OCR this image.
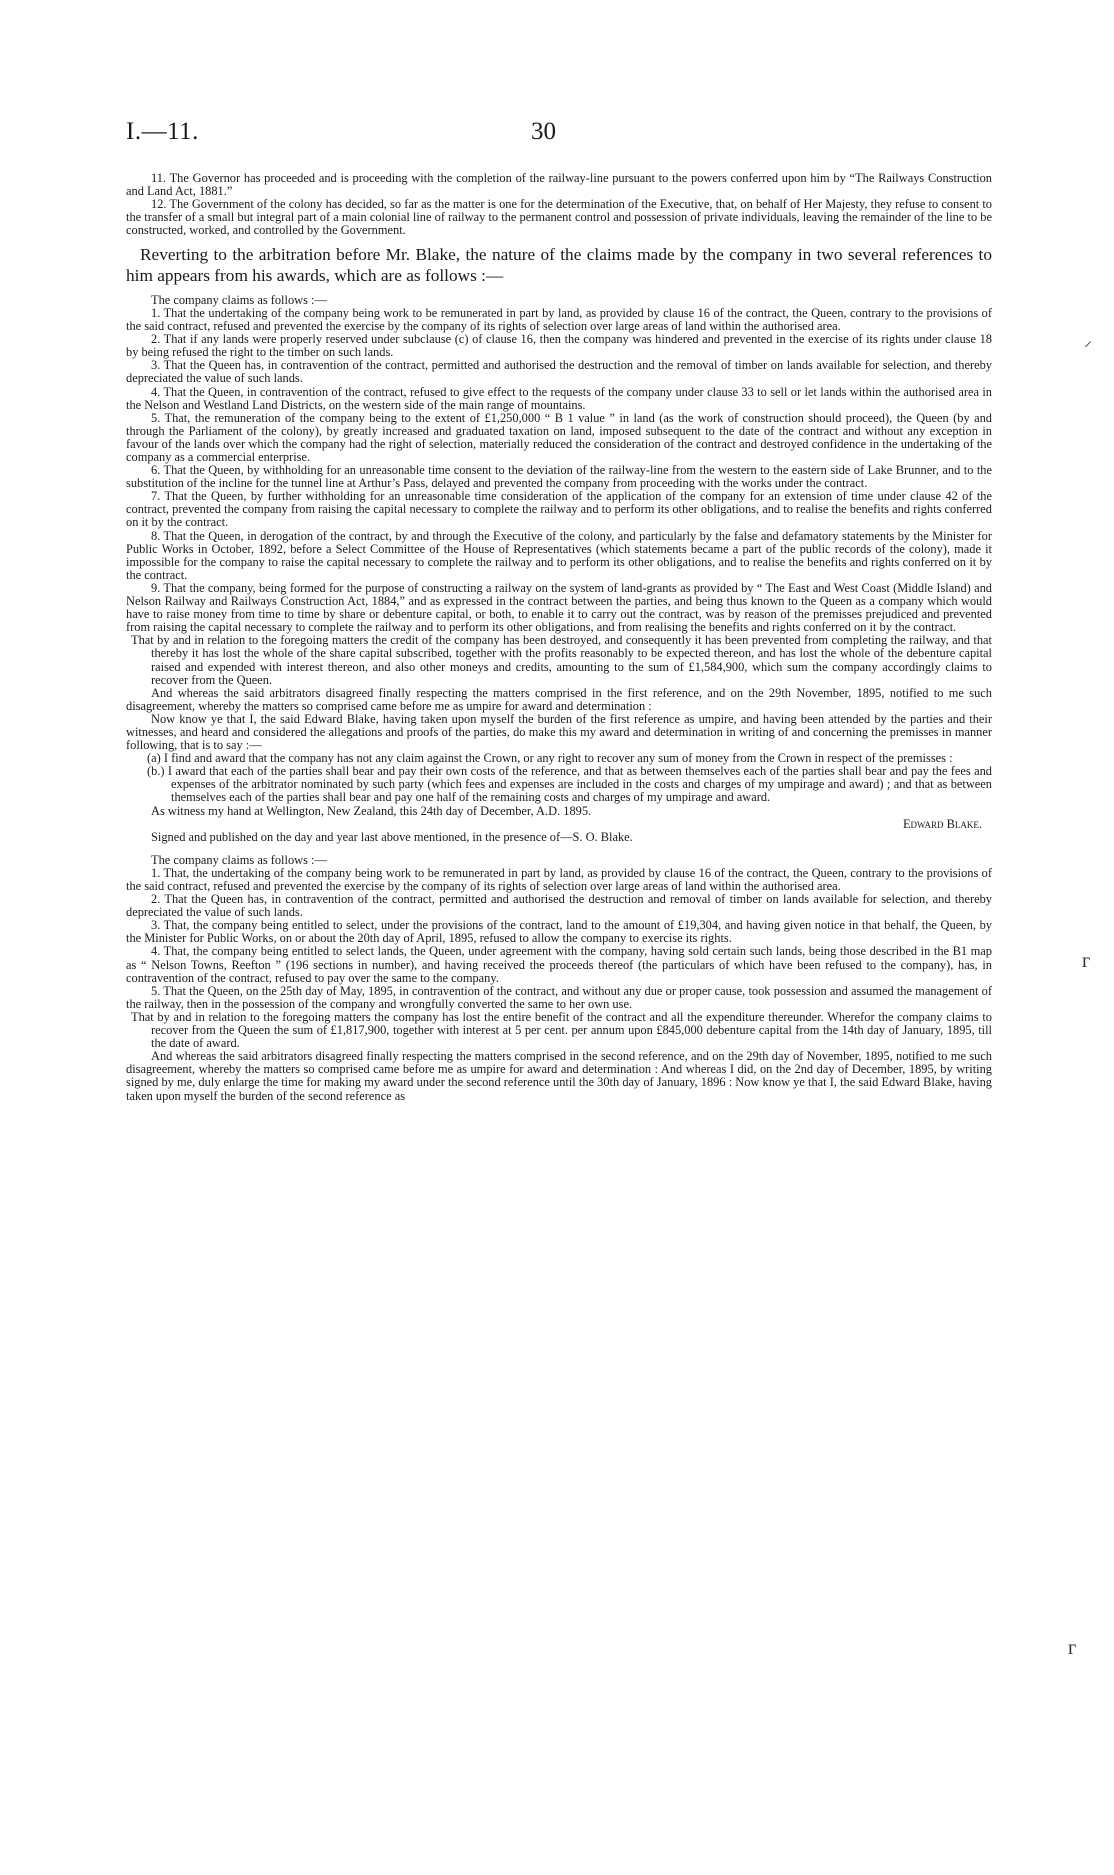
I.—11.	30

11. The Governor has proceeded and is proceeding with the completion of the railway-line pursuant to the powers conferred upon him by “The Railways Construction and Land Act, 1881.”

12. The Government of the colony has decided, so far as the matter is one for the determination of the Executive, that, on behalf of Her Majesty, they refuse to consent to the transfer of a small but integral part of a main colonial line of railway to the permanent control and possession of private individuals, leaving the remainder of the line to be constructed, worked, and controlled by the Government.

Reverting to the arbitration before Mr. Blake, the nature of the claims made by the company in two several references to him appears from his awards, which are as follows :—

The company claims as follows :—

1. That the undertaking of the company being work to be remunerated in part by land, as provided by clause 16 of the contract, the Queen, contrary to the provisions of the said contract, refused and prevented the exercise by the company of its rights of selection over large areas of land within the authorised area.

2. That if any lands were properly reserved under subclause (c) of clause 16, then the company was hindered and prevented in the exercise of its rights under clause 18 by being refused the right to the timber on such lands.

3. That the Queen has, in contravention of the contract, permitted and authorised the destruction and the removal of timber on lands available for selection, and thereby depreciated the value of such lands.

4. That the Queen, in contravention of the contract, refused to give effect to the requests of the company under clause 33 to sell or let lands within the authorised area in the Nelson and Westland Land Districts, on the western side of the main range of mountains.

5. That, the remuneration of the company being to the extent of £1,250,000 “ B 1 value ” in land (as the work of construction should proceed), the Queen (by and through the Parliament of the colony), by greatly increased and graduated taxation on land, imposed subsequent to the date of the contract and without any exception in favour of the lands over which the company had the right of selection, materially reduced the consideration of the contract and destroyed confidence in the undertaking of the company as a commercial enterprise.

6. That the Queen, by withholding for an unreasonable time consent to the deviation of the railway-line from the western to the eastern side of Lake Brunner, and to the substitution of the incline for the tunnel line at Arthur’s Pass, delayed and prevented the company from proceeding with the works under the contract.

7. That the Queen, by further withholding for an unreasonable time consideration of the application of the company for an extension of time under clause 42 of the contract, prevented the company from raising the capital necessary to complete the railway and to perform its other obligations, and to realise the benefits and rights conferred on it by the contract.

8. That the Queen, in derogation of the contract, by and through the Executive of the colony, and particularly by the false and defamatory statements by the Minister for Public Works in October, 1892, before a Select Committee of the House of Representatives (which statements became a part of the public records of the colony), made it impossible for the company to raise the capital necessary to complete the railway and to perform its other obligations, and to realise the benefits and rights conferred on it by the contract.

9. That the company, being formed for the purpose of constructing a railway on the system of land-grants as provided by “ The East and West Coast (Middle Island) and Nelson Railway and Railways Construction Act, 1884,” and as expressed in the contract between the parties, and being thus known to the Queen as a company which would have to raise money from time to time by share or debenture capital, or both, to enable it to carry out the contract, was by reason of the premisses prejudiced and prevented from raising the capital necessary to complete the railway and to perform its other obligations, and from realising the benefits and rights conferred on it by the contract.

That by and in relation to the foregoing matters the credit of the company has been destroyed, and consequently it has been prevented from completing the railway, and that thereby it has lost the whole of the share capital subscribed, together with the profits reasonably to be expected thereon, and has lost the whole of the debenture capital raised and expended with interest thereon, and also other moneys and credits, amounting to the sum of £1,584,900, which sum the company accordingly claims to recover from the Queen.

And whereas the said arbitrators disagreed finally respecting the matters comprised in the first reference, and on the 29th November, 1895, notified to me such disagreement, whereby the matters so comprised came before me as umpire for award and determination :

Now know ye that I, the said Edward Blake, having taken upon myself the burden of the first reference as umpire, and having been attended by the parties and their witnesses, and heard and considered the allegations and proofs of the parties, do make this my award and determination in writing of and concerning the premisses in manner following, that is to say :—

(a) I find and award that the company has not any claim against the Crown, or any right to recover any sum of money from the Crown in respect of the premisses :

(b.) I award that each of the parties shall bear and pay their own costs of the reference, and that as between themselves each of the parties shall bear and pay the fees and expenses of the arbitrator nominated by such party (which fees and expenses are included in the costs and charges of my umpirage and award) ; and that as between themselves each of the parties shall bear and pay one half of the remaining costs and charges of my umpirage and award.

As witness my hand at Wellington, New Zealand, this 24th day of December, A.D. 1895.

Edward Blake.

Signed and published on the day and year last above mentioned, in the presence of—S. O. Blake.

The company claims as follows :—

1. That, the undertaking of the company being work to be remunerated in part by land, as provided by clause 16 of the contract, the Queen, contrary to the provisions of the said contract, refused and prevented the exercise by the company of its rights of selection over large areas of land within the authorised area.

2. That the Queen has, in contravention of the contract, permitted and authorised the destruction and removal of timber on lands available for selection, and thereby depreciated the value of such lands.

3. That, the company being entitled to select, under the provisions of the contract, land to the amount of £19,304, and having given notice in that behalf, the Queen, by the Minister for Public Works, on or about the 20th day of April, 1895, refused to allow the company to exercise its rights.

4. That, the company being entitled to select lands, the Queen, under agreement with the company, having sold certain such lands, being those described in the B1 map as “ Nelson Towns, Reefton ” (196 sections in number), and having received the proceeds thereof (the particulars of which have been refused to the company), has, in contravention of the contract, refused to pay over the same to the company.

5. That the Queen, on the 25th day of May, 1895, in contravention of the contract, and without any due or proper cause, took possession and assumed the management of the railway, then in the possession of the company and wrongfully converted the same to her own use.

That by and in relation to the foregoing matters the company has lost the entire benefit of the contract and all the expenditure thereunder. Wherefor the company claims to recover from the Queen the sum of £1,817,900, together with interest at 5 per cent. per annum upon £845,000 debenture capital from the 14th day of January, 1895, till the date of award.

And whereas the said arbitrators disagreed finally respecting the matters comprised in the second reference, and on the 29th day of November, 1895, notified to me such disagreement, whereby the matters so comprised came before me as umpire for award and determination : And whereas I did, on the 2nd day of December, 1895, by writing signed by me, duly enlarge the time for making my award under the second reference until the 30th day of January, 1896 : Now know ye that I, the said Edward Blake, having taken upon myself the burden of the second reference as

⸝
ᴦ
ᴦ
